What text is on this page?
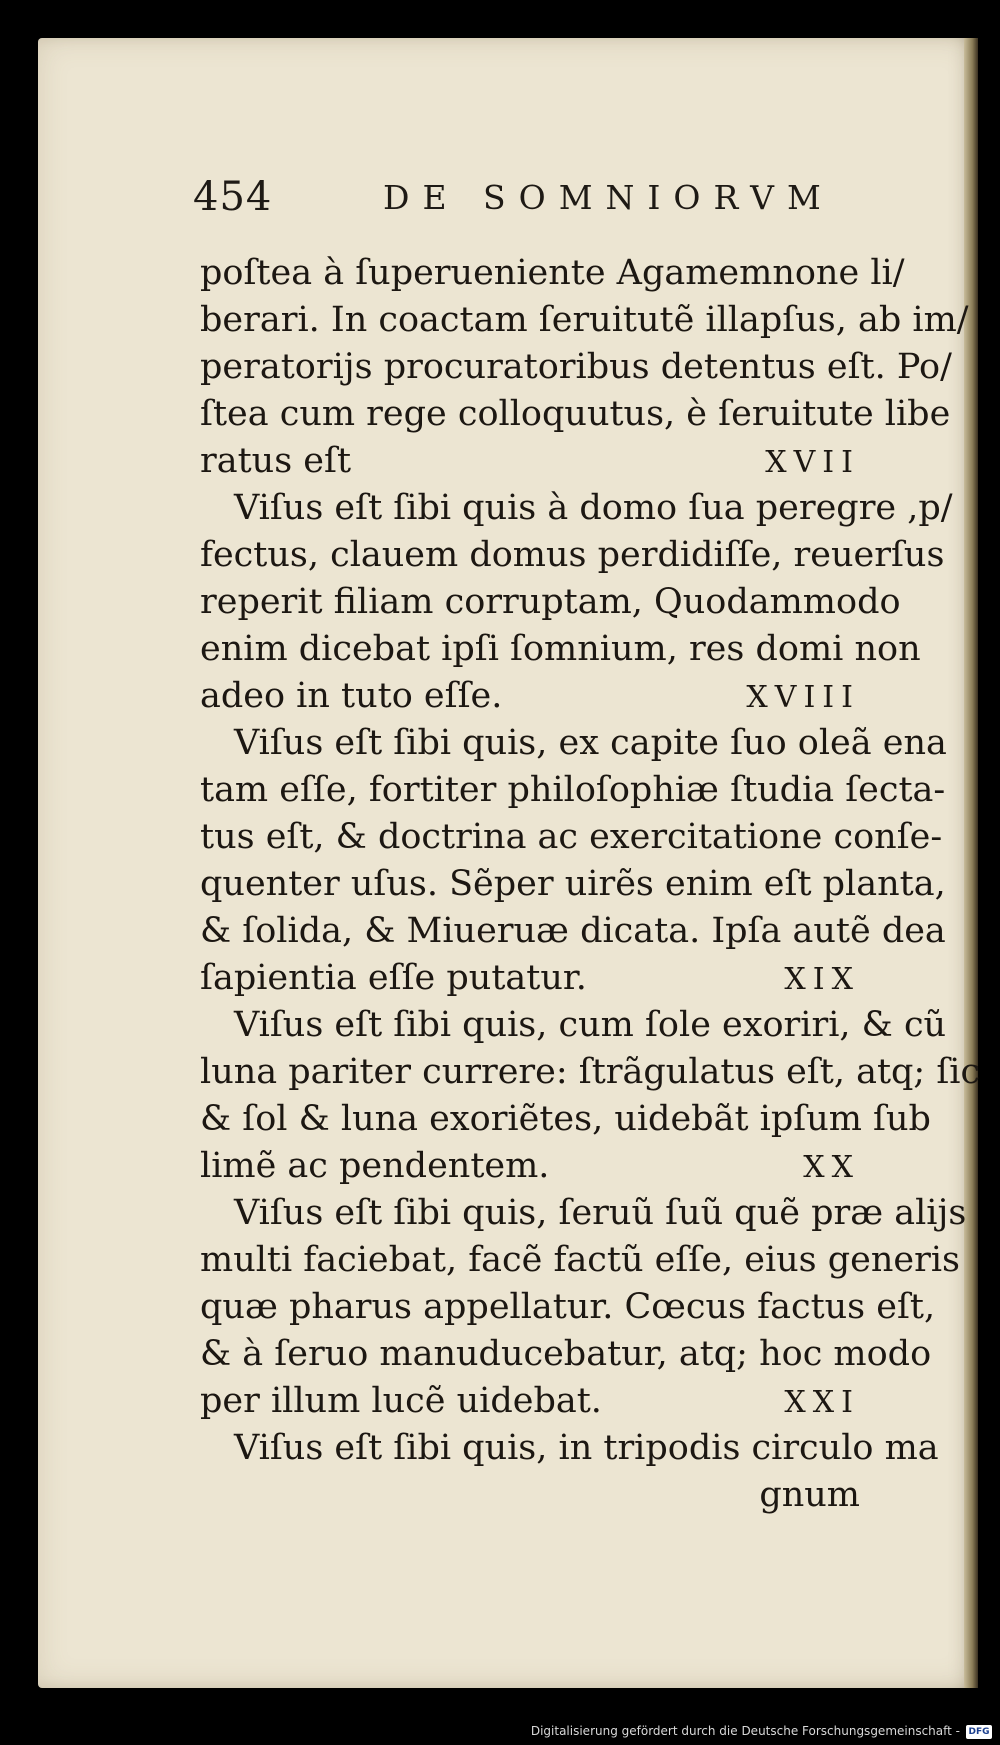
454	DE SOMNIORVM
poſtea à ſuperueniente Agamemnone li/
berari. In coactam ſeruitutẽ illapſus, ab im/
peratorijs procuratoribus detentus eſt. Po/
ſtea cum rege colloquutus, è ſeruitute libe
ratus eſt	XVII
Viſus eſt ſibi quis à domo ſua peregre ,p/
fectus, clauem domus perdidiſſe, reuerſus
reperit filiam corruptam, Quodammodo
enim dicebat ipſi ſomnium, res domi non
adeo in tuto eſſe.	XVIII
Viſus eſt ſibi quis, ex capite ſuo oleã ena
tam eſſe, fortiter philoſophiæ ſtudia ſecta-
tus eſt, & doctrina ac exercitatione conſe-
quenter uſus. Sẽper uirẽs enim eſt planta,
& ſolida, & Miueruæ dicata. Ipſa autẽ dea
ſapientia eſſe putatur.	XIX
Viſus eſt ſibi quis, cum ſole exoriri, & cũ
luna pariter currere: ſtrãgulatus eſt, atq; ſic
& ſol & luna exoriẽtes, uidebãt ipſum ſub
limẽ ac pendentem.	XX
Viſus eſt ſibi quis, ſeruũ ſuũ quẽ præ alijs
multi faciebat, facẽ factũ eſſe, eius generis
quæ pharus appellatur. Cœcus factus eſt,
& à ſeruo manuducebatur, atq; hoc modo
per illum lucẽ uidebat.	XXI
Viſus eſt ſibi quis, in tripodis circulo ma
gnum
Digitalisierung gefördert durch die Deutsche Forschungsgemeinschaft - DFG
